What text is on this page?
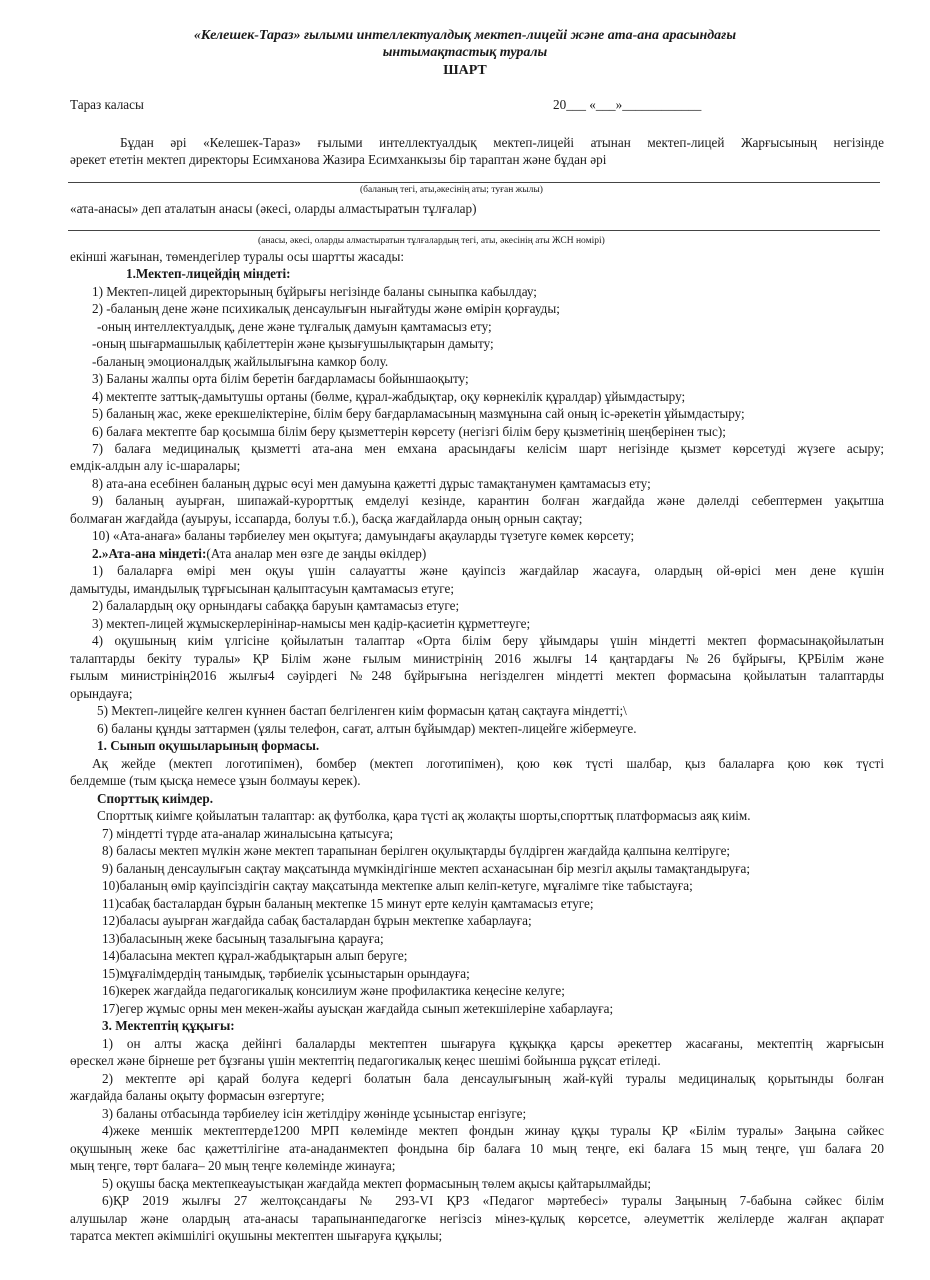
«Келешек-Тараз» ғылыми интеллектуалдық мектеп-лицейі және ата-ана арасындағы
ынтымақтастық туралы
ШАРТ
Тараз каласы	20___ «___»____________
Бұдан әрі «Келешек-Тараз» ғылыми интеллектуалдық мектеп-лицейі атынан мектеп-лицей Жарғысының негізінде
әрекет ететін мектеп директоры Есимханова Жазира Есимханкызы бір тараптан және бұдан әрі
(баланың тегі, аты,әкесінің аты; туған жылы)
«ата-анасы» деп аталатын анасы (әкесі, оларды алмастыратын тұлғалар)
(анасы, әкесі, оларды алмастыратын тұлғалардың тегі, аты, әкесінің аты ЖСН номірі)
екінші жағынан, төмендегілер туралы осы шартты жасады:
1.Мектеп-лицейдің міндеті:
1) Мектеп-лицей директорының бұйрығы негізінде баланы сыныпка кабылдау;
2) -баланың дене және психикалық денсаулығын нығайтуды және өмірін қорғауды;
-оның интеллектуалдық, дене және тұлғалық дамуын қамтамасыз ету;
-оның шығармашылық қабілеттерін және қызығушылықтарын дамыту;
-баланың эмоционалдық жайлылығына камкор болу.
3) Баланы жалпы орта білім беретін бағдарламасы бойыншаоқыту;
4) мектепте заттық-дамытушы ортаны (бөлме, құрал-жабдықтар, оқу көрнекілік құралдар) ұйымдастыру;
5) баланың жас, жеке ерекшеліктеріне, білім беру бағдарламасының мазмұнына сай оның іс-әрекетін ұйымдастыру;
6) балаға мектепте бар қосымша білім беру қызметтерін көрсету (негізгі білім беру қызметінің шеңберінен тыс);
7) балаға медициналық қызметті ата-ана мен емхана арасындағы келісім шарт негізінде қызмет көрсетуді жүзеге асыру;
емдік-алдын алу іс-шаралары;
8) ата-ана есебінен баланың дұрыс өсуі мен дамуына қажетті дұрыс тамақтанумен қамтамасыз ету;
9) баланың ауырған, шипажай-курорттық емделуі кезінде, карантин болған жағдайда және дәлелді себептермен уақытша
болмаған жағдайда (ауыруы, іссапарда, болуы т.б.), басқа жағдайларда оның орнын сақтау;
10) «Ата-анаға» баланы тәрбиелеу мен оқытуға; дамуындағы ақауларды түзетуге көмек көрсету;
2.»Ата-ана міндеті:(Ата аналар мен өзге де заңды өкілдер)
1) балаларға өмірі мен оқуы үшін салауатты және қауіпсіз жағдайлар жасауға, олардың ой-өрісі мен дене күшін
дамытуды, имандылық тұрғысынан қалыптасуын қамтамасыз етуге;
2) балалардың оқу орнындағы сабаққа баруын қамтамасыз етуге;
3) мектеп-лицей жұмыскерлерінінар-намысы мен қадір-қасиетін құрметтеуге;
4) оқушының киім үлгісіне қойылатын талаптар «Орта білім беру ұйымдары үшін міндетті мектеп формасынақойылатын
талаптарды бекіту туралы» ҚР Білім және ғылым министрінің 2016 жылғы 14 қаңтардағы №26 бұйрығы, ҚРБілім және
ғылым министрінің2016 жылғы4 сәуірдегі №248 бұйрығына негізделген міндетті мектеп формасына қойылатын талаптарды
орындауға;
5) Мектеп-лицейге келген күннен бастап белгіленген киім формасын қатаң сақтауға міндетті;\
6) баланы құнды заттармен (ұялы телефон, сағат, алтын бұйымдар) мектеп-лицейге жібермеуге.
1. Сынып оқушыларының формасы.
Ақ жейде (мектеп логотипімен), бомбер (мектеп логотипімен), қою көк түсті шалбар, қыз балаларға қою көк түсті
белдемше (тым қысқа немесе ұзын болмауы керек).
Спорттық киімдер.
Спорттық киімге қойылатын талаптар: ақ футболка, қара түсті ақ жолақты шорты,спорттық платформасыз аяқ киім.
7) міндетті түрде ата-аналар жиналысына қатысуға;
8) баласы мектеп мүлкін және мектеп тарапынан берілген оқулықтарды бүлдірген жағдайда қалпына келтіруге;
9) баланың денсаулығын сақтау мақсатында мүмкіндігінше мектеп асханасынан бір мезгіл ақылы тамақтандыруға;
10)баланың өмір қауіпсіздігін сақтау мақсатында мектепке алып келіп-кетуге, мұғалімге тіке табыстауға;
11)сабақ басталардан бұрын баланың мектепке 15 минут ерте келуін қамтамасыз етуге;
12)баласы ауырған жағдайда сабақ басталардан бұрын мектепке хабарлауға;
13)баласының жеке басының тазалығына қарауға;
14)баласына мектеп құрал-жабдықтарын алып беруге;
15)мұғалімдердің танымдық, тәрбиелік ұсыныстарын орындауға;
16)керек жағдайда педагогикалық консилиум және профилактика кеңесіне келуге;
17)егер жұмыс орны мен мекен-жайы ауысқан жағдайда сынып жетекшілеріне хабарлауға;
3. Мектептің құқығы:
1) он алты жасқа дейінгі балаларды мектептен шығаруға құқыққа қарсы әрекеттер жасағаны, мектептің жарғысын
өрескел және бірнеше рет бұзғаны үшін мектептің педагогикалық кеңес шешімі бойынша рұқсат етіледі.
2) мектепте әрі қарай болуға кедергі болатын бала денсаулығының жай-күйі туралы медициналық қорытынды болған
жағдайда баланы оқыту формасын өзгертуге;
3) баланы отбасында тәрбиелеу ісін жетілдіру жөнінде ұсыныстар енгізуге;
4)жеке меншік мектептерде1200 МРП көлемінде мектеп фондын жинау құқы туралы ҚР «Білім туралы» Заңына сәйкес
оқушының жеке бас қажеттілігіне ата-анаданмектеп фондына бір балаға 10 мың теңге, екі балаға 15 мың теңге, үш балаға 20
мың теңге, төрт балаға– 20 мың теңге көлемінде жинауға;
5) оқушы басқа мектепкеауыстықан жағдайда мектеп формасының төлем ақысы қайтарылмайды;
6)ҚР 2019 жылғы 27 желтоқсандағы № 293-VI ҚРЗ «Педагог мәртебесі» туралы Заңының 7-бабына сәйкес білім
алушылар және олардың ата-анасы тарапынанпедагогке негізсіз мінез-құлық көрсетсе, әлеуметтік желілерде жалған ақпарат
таратса мектеп әкімшілігі оқушыны мектептен шығаруға құқылы;
